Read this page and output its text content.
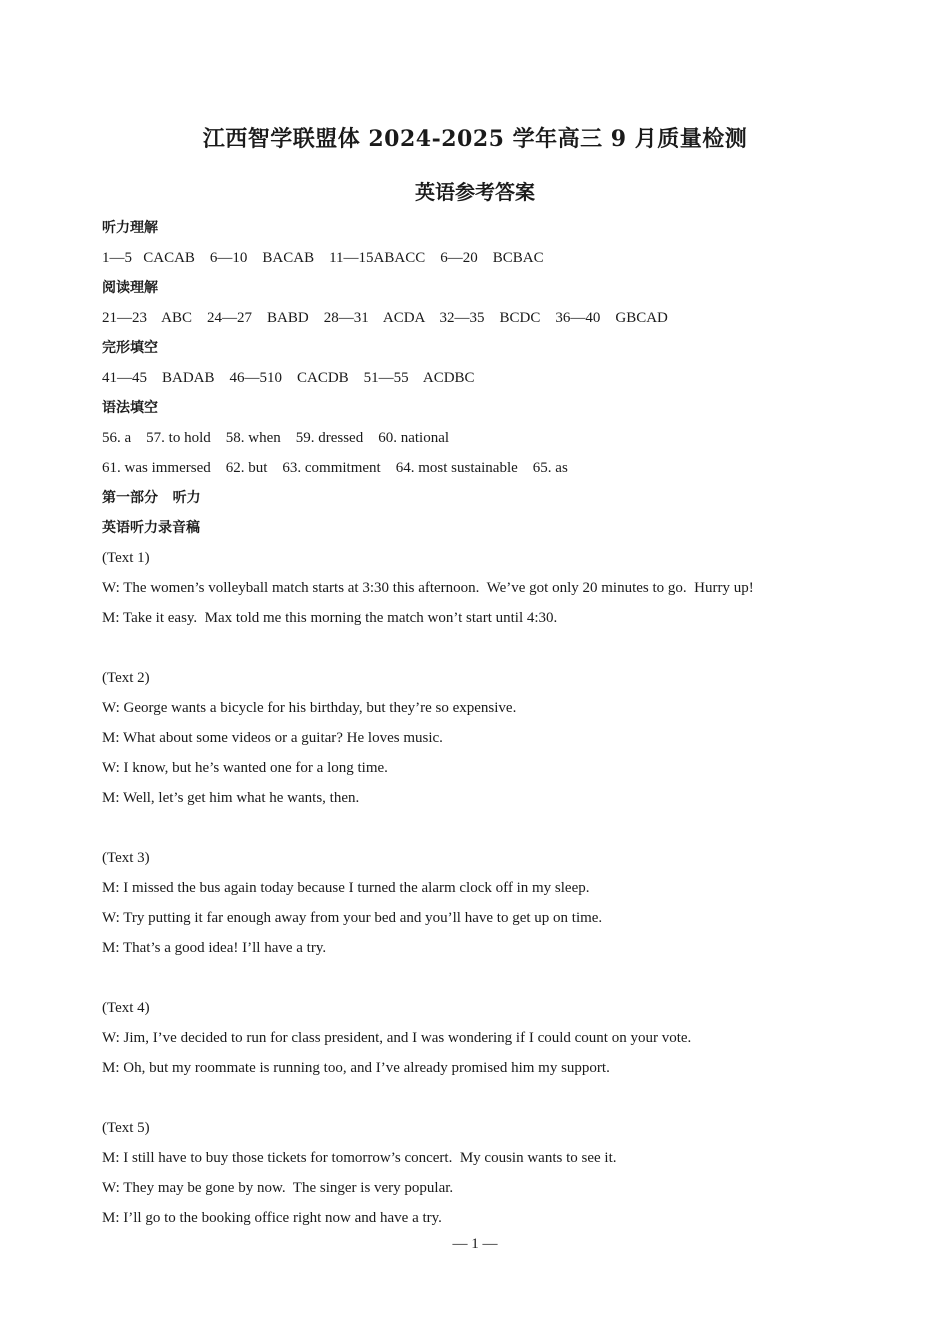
江西智学联盟体 2024-2025 学年高三 9 月质量检测
英语参考答案
听力理解
1—5   CACAB    6—10    BACAB    11—15ABACC    6—20    BCBAC
阅读理解
21—23    ABC    24—27    BABD    28—31    ACDA    32—35    BCDC    36—40    GBCAD
完形填空
41—45    BADAB    46—510    CACDB    51—55    ACDBC
语法填空
56. a    57. to hold    58. when    59. dressed    60. national
61. was immersed    62. but    63. commitment    64. most sustainable    65. as
第一部分   听力
英语听力录音稿
(Text 1)
W: The women’s volleyball match starts at 3:30 this afternoon.  We’ve got only 20 minutes to go.  Hurry up!
M: Take it easy.  Max told me this morning the match won’t start until 4:30.
(Text 2)
W: George wants a bicycle for his birthday, but they’re so expensive.
M: What about some videos or a guitar? He loves music.
W: I know, but he’s wanted one for a long time.
M: Well, let’s get him what he wants, then.
(Text 3)
M: I missed the bus again today because I turned the alarm clock off in my sleep.
W: Try putting it far enough away from your bed and you’ll have to get up on time.
M: That’s a good idea! I’ll have a try.
(Text 4)
W: Jim, I’ve decided to run for class president, and I was wondering if I could count on your vote.
M: Oh, but my roommate is running too, and I’ve already promised him my support.
(Text 5)
M: I still have to buy those tickets for tomorrow’s concert.  My cousin wants to see it.
W: They may be gone by now.  The singer is very popular.
M: I’ll go to the booking office right now and have a try.
— 1 —
